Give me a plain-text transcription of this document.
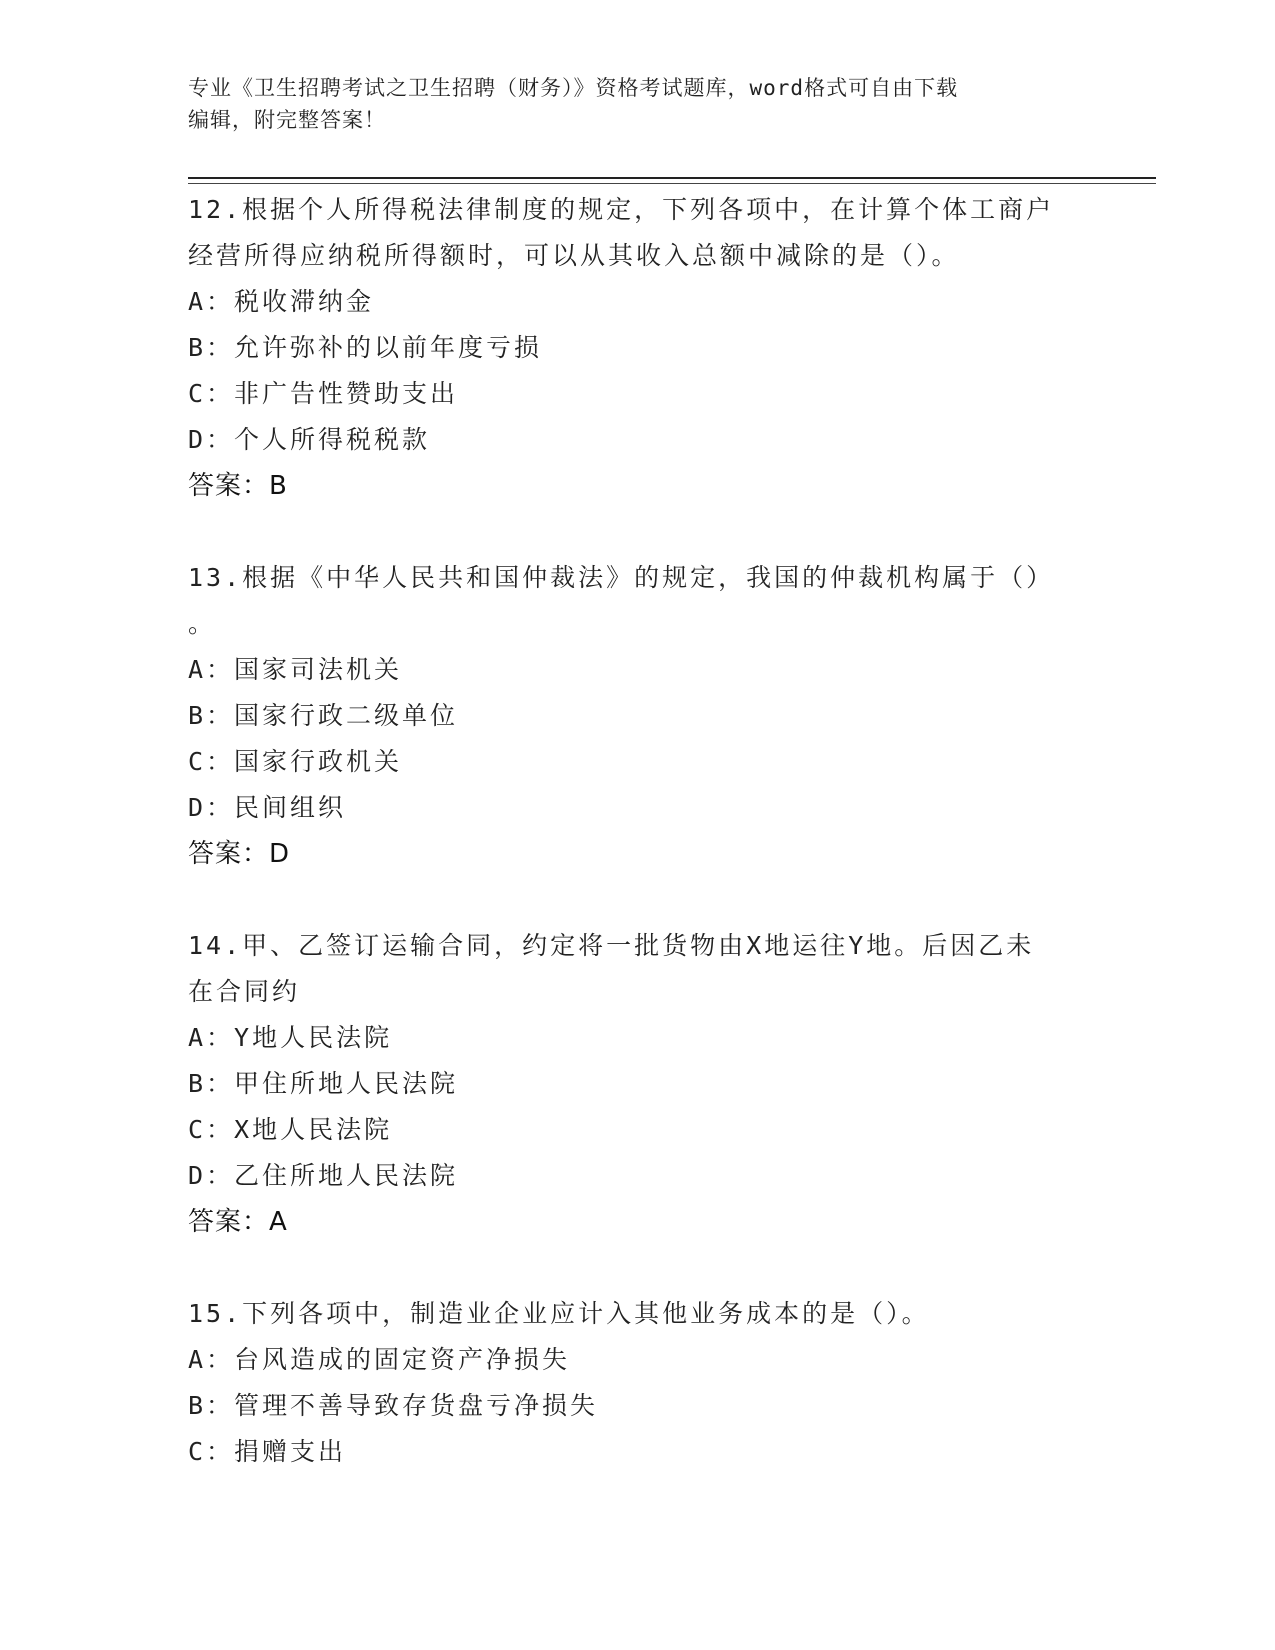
专业《卫生招聘考试之卫生招聘（财务）》资格考试题库，word格式可自由下载
编辑，附完整答案！
12.根据个人所得税法律制度的规定，下列各项中，在计算个体工商户
经营所得应纳税所得额时，可以从其收入总额中减除的是（）。
A：税收滞纳金
B：允许弥补的以前年度亏损
C：非广告性赞助支出
D：个人所得税税款
答案：B
13.根据《中华人民共和国仲裁法》的规定，我国的仲裁机构属于（）
。
A：国家司法机关
B：国家行政二级单位
C：国家行政机关
D：民间组织
答案：D
14.甲、乙签订运输合同，约定将一批货物由X地运往Y地。后因乙未
在合同约
A：Y地人民法院
B：甲住所地人民法院
C：X地人民法院
D：乙住所地人民法院
答案：A
15.下列各项中，制造业企业应计入其他业务成本的是（）。
A：台风造成的固定资产净损失
B：管理不善导致存货盘亏净损失
C：捐赠支出
